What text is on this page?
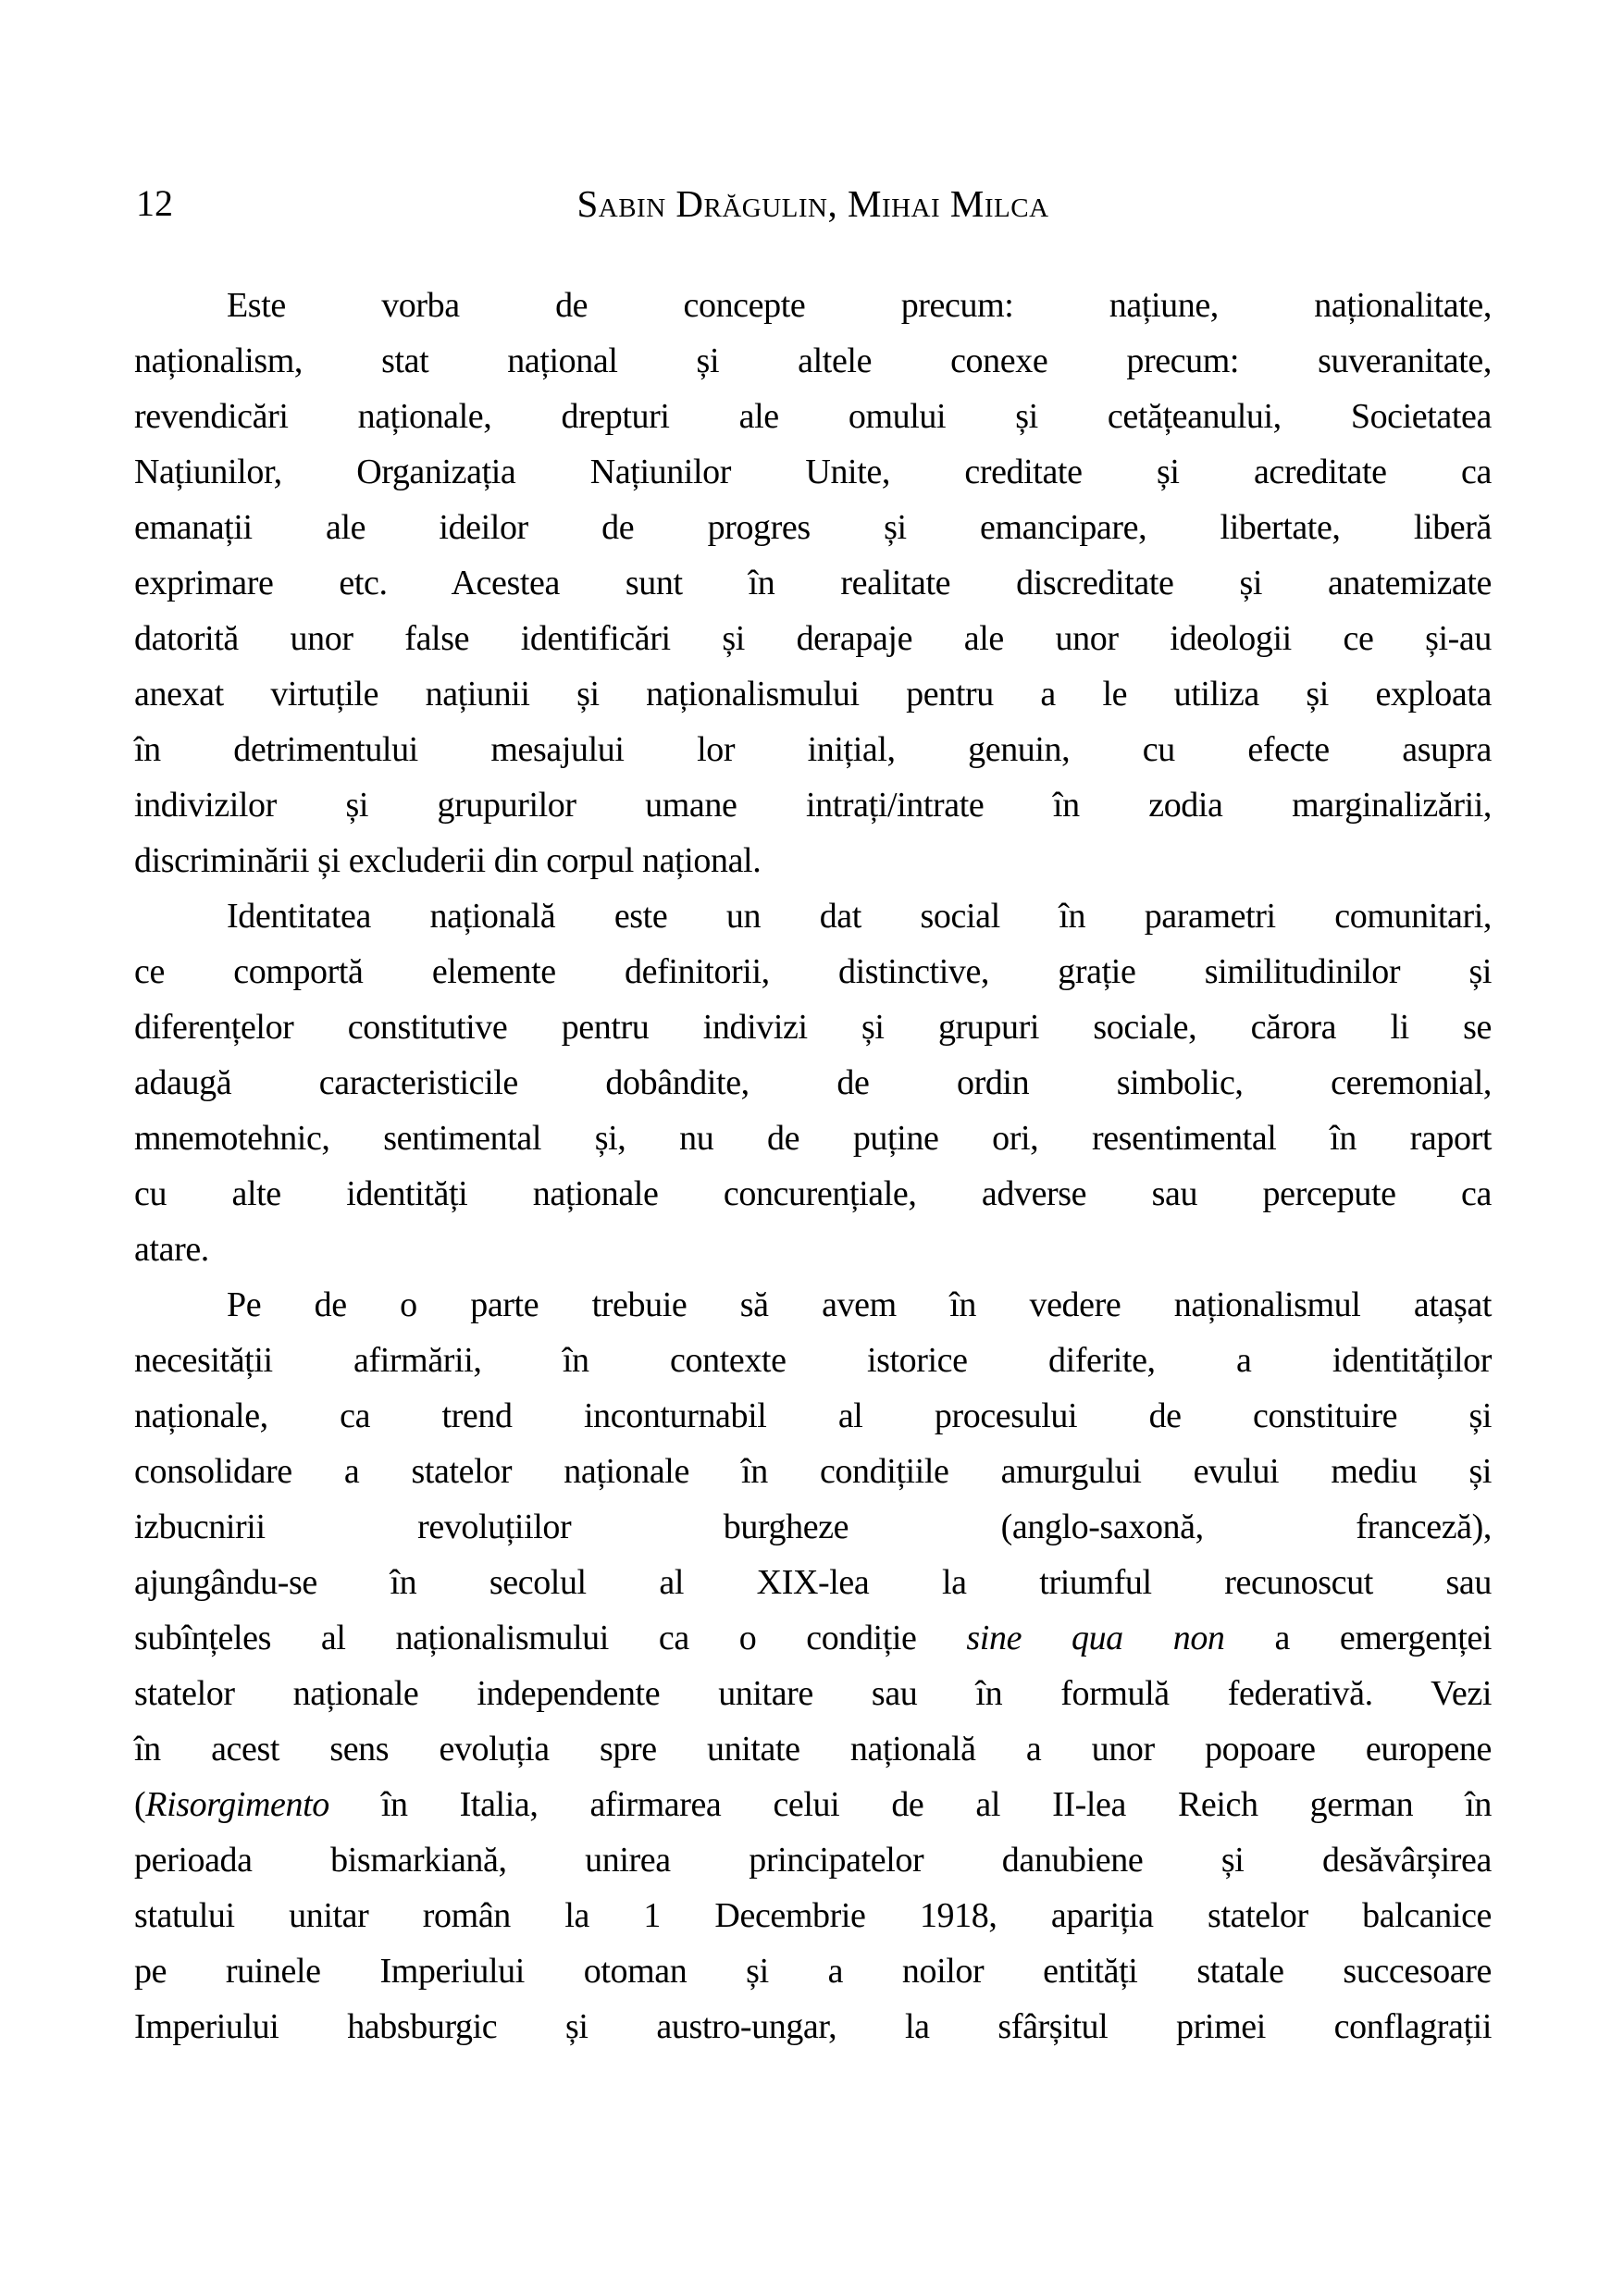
12	Sabin Drăgulin, Mihai Milca
Este vorba de concepte precum: națiune, naționalitate,
naționalism, stat național și altele conexe precum: suveranitate,
revendicări naționale, drepturi ale omului și cetățeanului, Societatea
Națiunilor, Organizația Națiunilor Unite, creditate și acreditate ca
emanații ale ideilor de progres și emancipare, libertate, liberă
exprimare etc. Acestea sunt în realitate discreditate și anatemizate
datorită unor false identificări și derapaje ale unor ideologii ce și-au
anexat virtuțile națiunii și naționalismului pentru a le utiliza și exploata
în detrimentului mesajului lor inițial, genuin, cu efecte asupra
indivizilor și grupurilor umane intrați/intrate în zodia marginalizării,
discriminării și excluderii din corpul național.
Identitatea națională este un dat social în parametri comunitari,
ce comportă elemente definitorii, distinctive, grație similitudinilor și
diferențelor constitutive pentru indivizi și grupuri sociale, cărora li se
adaugă caracteristicile dobândite, de ordin simbolic, ceremonial,
mnemotehnic, sentimental și, nu de puține ori, resentimental în raport
cu alte identități naționale concurențiale, adverse sau percepute ca
atare.
Pe de o parte trebuie să avem în vedere naționalismul atașat
necesității afirmării, în contexte istorice diferite, a identităților
naționale, ca trend inconturnabil al procesului de constituire și
consolidare a statelor naționale în condițiile amurgului evului mediu și
izbucnirii revoluțiilor burgheze (anglo-saxonă, franceză),
ajungându-se în secolul al XIX-lea la triumful recunoscut sau
subînțeles al naționalismului ca o condiție sine qua non a emergenței
statelor naționale independente unitare sau în formulă federativă. Vezi
în acest sens evoluția spre unitate națională a unor popoare europene
(Risorgimento în Italia, afirmarea celui de al II-lea Reich german în
perioada bismarkiană, unirea principatelor danubiene și desăvârșirea
statului unitar român la 1 Decembrie 1918, apariția statelor balcanice
pe ruinele Imperiului otoman și a noilor entități statale succesoare
Imperiului habsburgic și austro-ungar, la sfârșitul primei conflagrații
